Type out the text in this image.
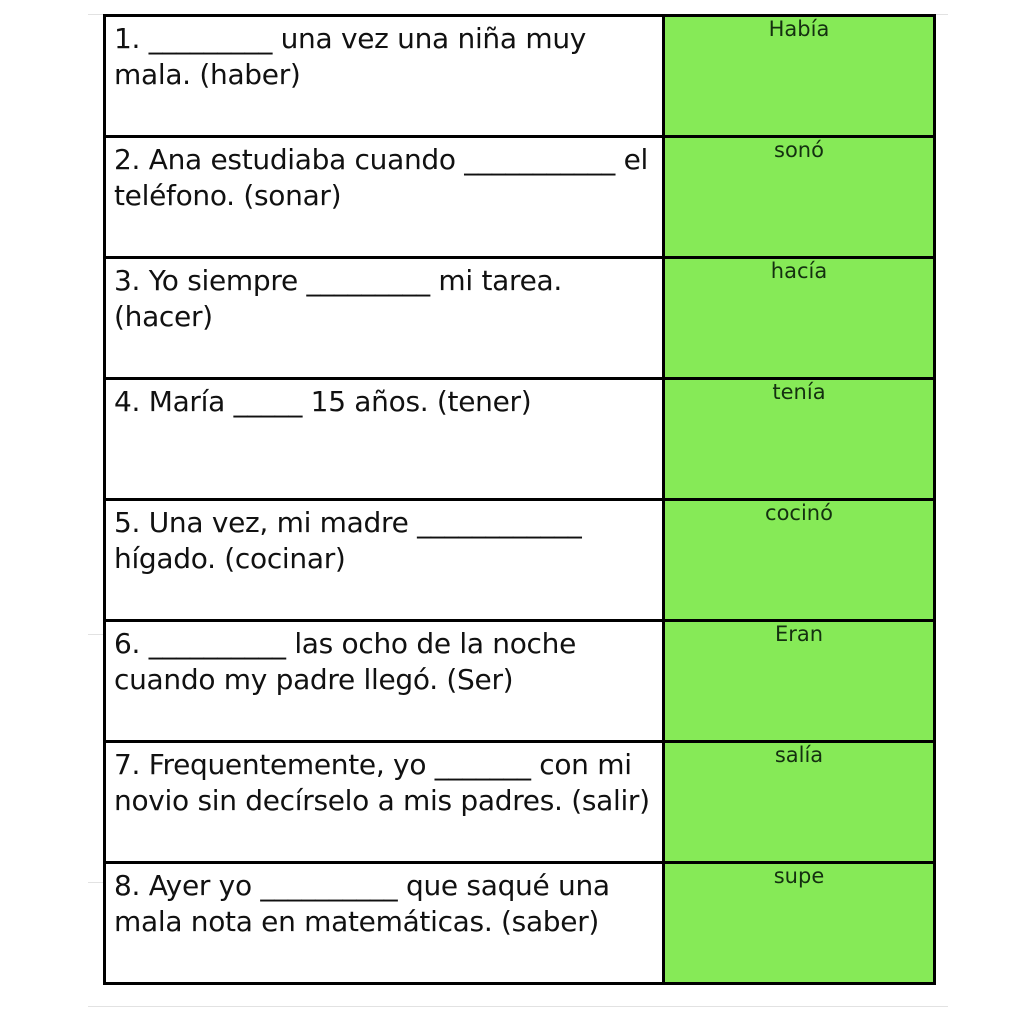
1. _________ una vez una niña muy mala. (haber)	Había

2. Ana estudiaba cuando ___________ el teléfono. (sonar)	sonó

3. Yo siempre _________ mi tarea. (hacer)	hacía

4. María _____ 15 años. (tener)	tenía

5. Una vez, mi madre ____________ hígado. (cocinar)	cocinó

6. __________ las ocho de la noche cuando my padre llegó. (Ser)	Eran

7. Frequentemente, yo _______ con mi novio sin decírselo a mis padres. (salir)	salía

8. Ayer yo __________ que saqué una mala nota en matemáticas. (saber)	supe
